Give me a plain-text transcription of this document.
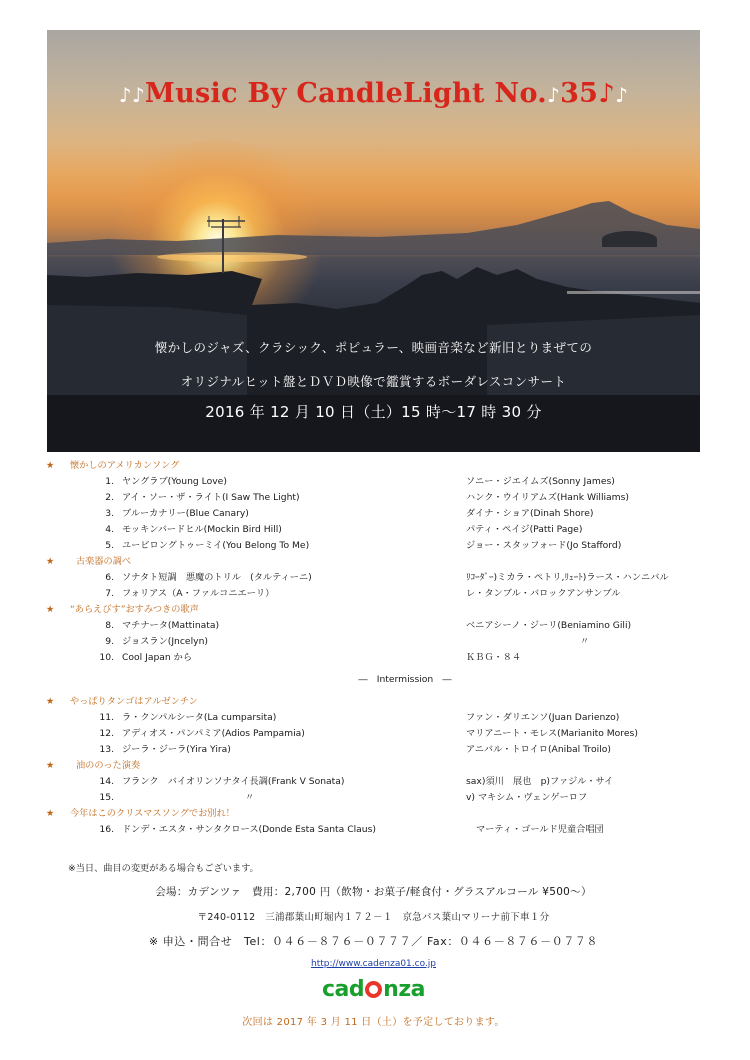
♪♪Music By CandleLight No.♪35♪♪
懐かしのジャズ、クラシック、ポピュラー、映画音楽など新旧とりまぜての
オリジナルヒット盤とＤＶＤ映像で鑑賞するボーダレスコンサート
2016 年 12 月 10 日（土）15 時～17 時 30 分
★ 懐かしのアメリカンソング
1. ヤングラブ(Young Love)	ソニー・ジエイムズ(Sonny James)
2. アイ・ソー・ザ・ライト(I Saw The Light)	ハンク・ウイリアムズ(Hank Williams)
3. ブルーカナリー(Blue Canary)	ダイナ・ショア(Dinah Shore)
4. モッキンバードヒル(Mockin Bird Hill)	パティ・ペイジ(Patti Page)
5. ユービロングトゥーミイ(You Belong To Me)	ジョー・スタッフォード(Jo Stafford)
★ 古楽器の調べ
6. ソナタト短調　悪魔のトリル　(タルティーニ)	ﾘｺｰﾀﾞｰ)ミカラ・ペトリ,ﾘｭｰﾄ)ラース・ハンニバル
7. フォリアス（A・ファルコニエーリ）	レ・タンブル・バロックアンサンブル
★ “あらえびす”おすみつきの歌声
8. マチナータ(Mattinata)	ベニアシーノ・ジーリ(Beniamino Gili)
9. ジョスラン(Jncelyn)	〃
10. Cool Japan から	ＫＢＧ・８４
―　Intermission　―
★ やっぱりタンゴはアルゼンチン
11. ラ・クンパルシータ(La cumparsita)	ファン・ダリエンソ(Juan Darienzo)
12. アディオス・パンパミア(Adios Pampamia)	マリアニート・モレス(Marianito Mores)
13. ジーラ・ジーラ(Yira Yira)	アニバル・トロイロ(Anibal Troilo)
★ 油ののった演奏
14. フランク　バイオリンソナタイ長調(Frank V Sonata)	sax)須川　展也　p)ファジル・サイ
15.	〃	v) マキシム・ヴェンゲーロフ
★ 今年はこのクリスマスソングでお別れ！
16. ドンデ・エスタ・サンタクロース(Donde Esta Santa Claus)	マーティ・ゴールド児童合唱団
※当日、曲目の変更がある場合もございます。
会場：カデンツァ　費用：2,700 円（飲物・お菓子/軽食付・グラスアルコール ¥500～）
〒240-0112　三浦郡葉山町堀内１７２－１　京急バス葉山マリーナ前下車１分
※ 申込・問合せ　Tel：０４６－８７６－０７７７／ Fax：０４６－８７６－０７７８
http://www.cadenza01.co.jp
cad nza
次回は 2017 年 3 月 11 日（土）を予定しております。
